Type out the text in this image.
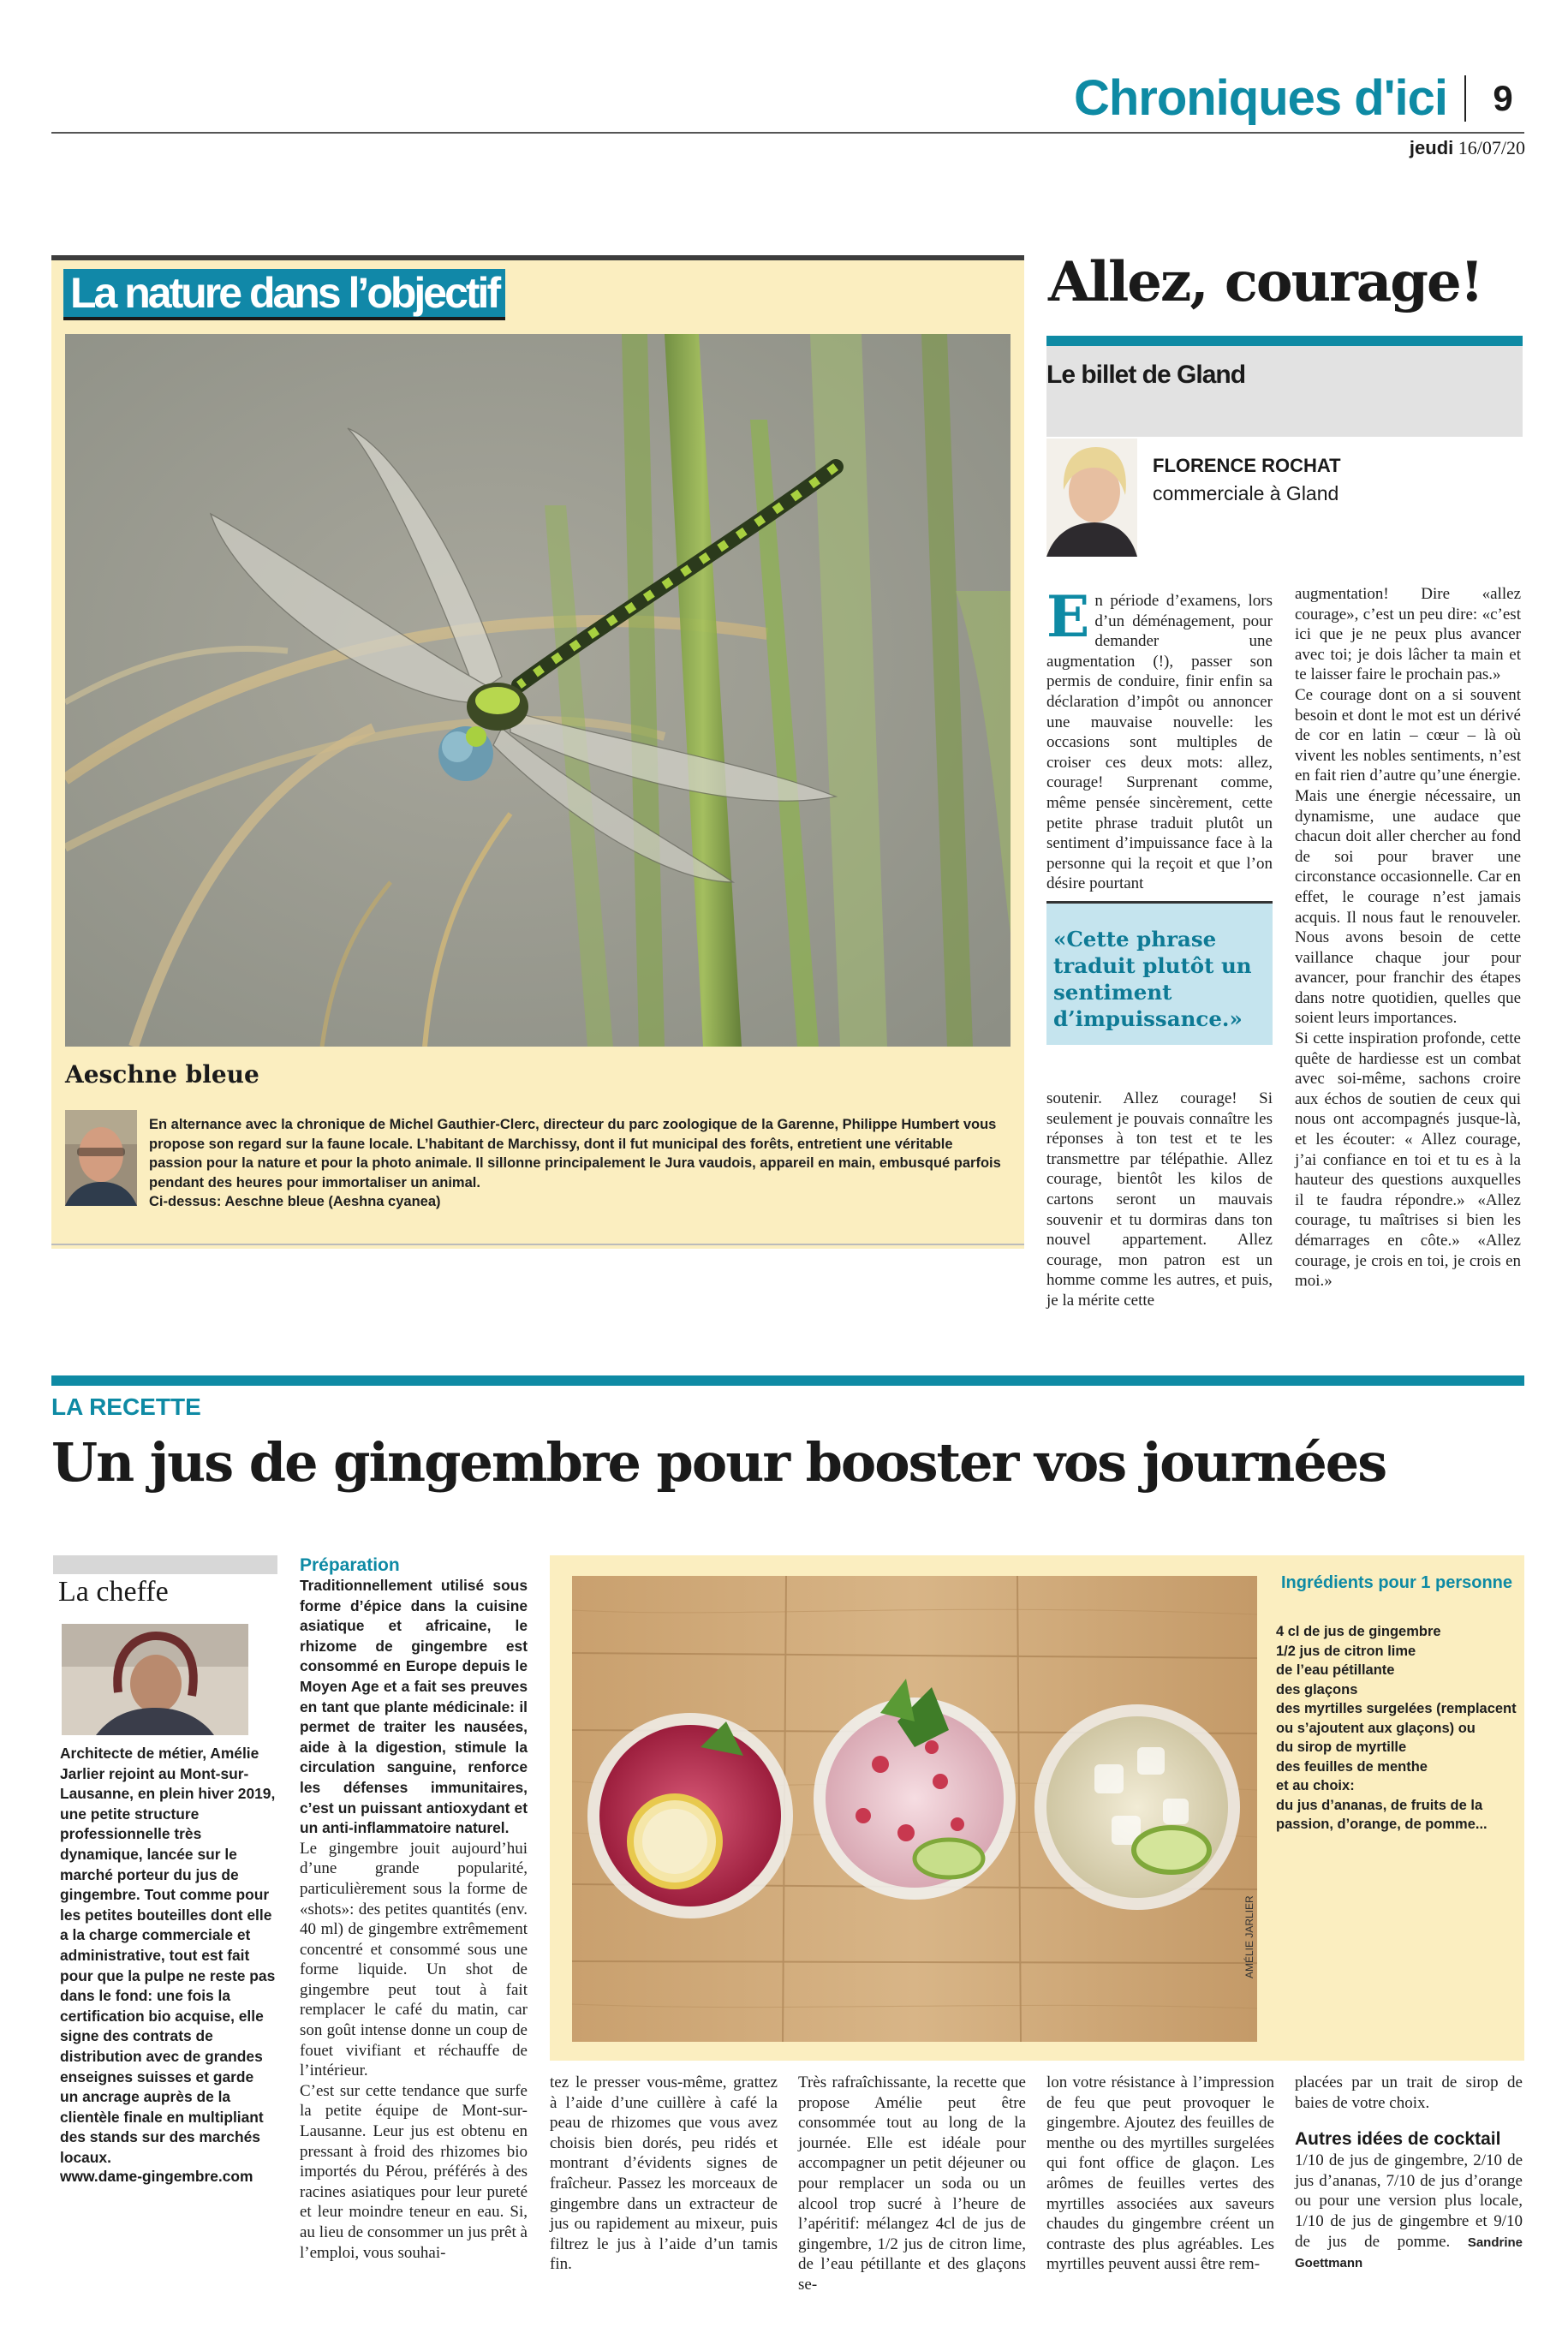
Chroniques d'ici	9
jeudi 16/07/20
La nature dans l’objectif
Aeschne bleue
En alternance avec la chronique de Michel Gauthier-Clerc, directeur du parc zoologique de la Garenne, Philippe Humbert vous propose son regard sur la faune locale. L’habitant de Marchissy, dont il fut municipal des forêts, entretient une véritable passion pour la nature et pour la photo animale. Il sillonne principalement le Jura vaudois, appareil en main, embusqué parfois pendant des heures pour immortaliser un animal.
Ci-dessus: Aeschne bleue (Aeshna cyanea)
Allez, courage!
Le billet de Gland
FLORENCE ROCHAT
commerciale à Gland
E n période d’examens, lors d’un déménagement, pour demander une augmentation (!), passer son permis de conduire, finir enfin sa déclaration d’impôt ou annoncer une mauvaise nouvelle: les occasions sont multiples de croiser ces deux mots: allez, courage! Surprenant comme, même pensée sincèrement, cette petite phrase traduit plutôt un sentiment d’impuissance face à la personne qui la reçoit et que l’on désire pourtant
«Cette phrase traduit plutôt un sentiment d’impuissance.»
soutenir. Allez courage! Si seulement je pouvais connaître les réponses à ton test et te les transmettre par télépathie. Allez courage, bientôt les kilos de cartons seront un mauvais souvenir et tu dormiras dans ton nouvel appartement. Allez courage, mon patron est un homme comme les autres, et puis, je la mérite cette
augmentation! Dire «allez courage», c’est un peu dire: «c’est ici que je ne peux plus avancer avec toi; je dois lâcher ta main et te laisser faire le prochain pas.»
Ce courage dont on a si souvent besoin et dont le mot est un dérivé de cor en latin – cœur – là où vivent les nobles sentiments, n’est en fait rien d’autre qu’une énergie. Mais une énergie nécessaire, un dynamisme, une audace que chacun doit aller chercher au fond de soi pour braver une circonstance occasionnelle. Car en effet, le courage n’est jamais acquis. Il nous faut le renouveler. Nous avons besoin de cette vaillance chaque jour pour avancer, pour franchir des étapes dans notre quotidien, quelles que soient leurs importances.
Si cette inspiration profonde, cette quête de hardiesse est un combat avec soi-même, sachons croire aux échos de soutien de ceux qui nous ont accompagnés jusque-là, et les écouter: « Allez courage, j’ai confiance en toi et tu es à la hauteur des questions auxquelles il te faudra répondre.» «Allez courage, tu maîtrises si bien les démarrages en côte.» «Allez courage, je crois en toi, je crois en moi.»
LA RECETTE
Un jus de gingembre pour booster vos journées
La cheffe
Architecte de métier, Amélie Jarlier rejoint au Mont-sur-Lausanne, en plein hiver 2019, une petite structure professionnelle très dynamique, lancée sur le marché porteur du jus de gingembre. Tout comme pour les petites bouteilles dont elle a la charge commerciale et administrative, tout est fait pour que la pulpe ne reste pas dans le fond: une fois la certification bio acquise, elle signe des contrats de distribution avec de grandes enseignes suisses et garde un ancrage auprès de la clientèle finale en multipliant des stands sur des marchés locaux.
www.dame-gingembre.com
Préparation
Traditionnellement utilisé sous forme d’épice dans la cuisine asiatique et africaine, le rhizome de gingembre est consommé en Europe depuis le Moyen Age et a fait ses preuves en tant que plante médicinale: il permet de traiter les nausées, aide à la digestion, stimule la circulation sanguine, renforce les défenses immunitaires, c’est un puissant antioxydant et un anti-inflammatoire naturel.
Le gingembre jouit aujourd’hui d’une grande popularité, particulièrement sous la forme de «shots»: des petites quantités (env. 40 ml) de gingembre extrêmement concentré et consommé sous une forme liquide. Un shot de gingembre peut tout à fait remplacer le café du matin, car son goût intense donne un coup de fouet vivifiant et réchauffe de l’intérieur.
C’est sur cette tendance que surfe la petite équipe de Mont-sur-Lausanne. Leur jus est obtenu en pressant à froid des rhizomes bio importés du Pérou, préférés à des racines asiatiques pour leur pureté et leur moindre teneur en eau. Si, au lieu de consommer un jus prêt à l’emploi, vous souhai-
AMÉLIE JARLIER
Ingrédients pour 1 personne
4 cl de jus de gingembre
1/2 jus de citron lime
de l’eau pétillante
des glaçons
des myrtilles surgelées (remplacent ou s’ajoutent aux glaçons) ou
du sirop de myrtille
des feuilles de menthe
et au choix:
du jus d’ananas, de fruits de la passion, d’orange, de pomme...
tez le presser vous-même, grattez à l’aide d’une cuillère à café la peau de rhizomes que vous avez choisis bien dorés, peu ridés et montrant d’évidents signes de fraîcheur. Passez les morceaux de gingembre dans un extracteur de jus ou rapidement au mixeur, puis filtrez le jus à l’aide d’un tamis fin.
Très rafraîchissante, la recette que propose Amélie peut être consommée tout au long de la journée. Elle est idéale pour accompagner un petit déjeuner ou pour remplacer un soda ou un alcool trop sucré à l’heure de l’apéritif: mélangez 4cl de jus de gingembre, 1/2 jus de citron lime, de l’eau pétillante et des glaçons se-
lon votre résistance à l’impression de feu que peut provoquer le gingembre. Ajoutez des feuilles de menthe ou des myrtilles surgelées qui font office de glaçon. Les arômes de feuilles vertes des myrtilles associées aux saveurs chaudes du gingembre créent un contraste des plus agréables. Les myrtilles peuvent aussi être rem-
placées par un trait de sirop de baies de votre choix.
Autres idées de cocktail
1/10 de jus de gingembre, 2/10 de jus d’ananas, 7/10 de jus d’orange ou pour une version plus locale, 1/10 de jus de gingembre et 9/10 de jus de pomme. Sandrine Goettmann
